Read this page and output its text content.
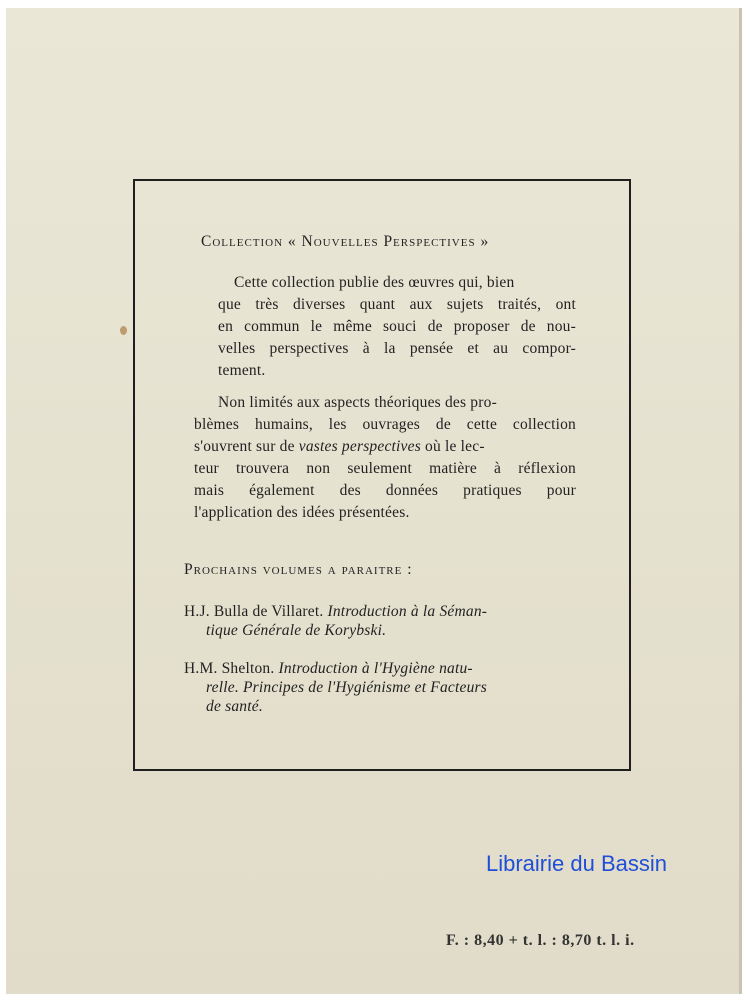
Collection « Nouvelles Perspectives »
Cette collection publie des œuvres qui, bien
que très diverses quant aux sujets traités, ont
en commun le même souci de proposer de nou-
velles perspectives à la pensée et au compor-
tement.
Non limités aux aspects théoriques des pro-
blèmes humains, les ouvrages de cette collection
s'ouvrent sur de vastes perspectives où le lec-
teur trouvera non seulement matière à réflexion
mais également des données pratiques pour
l'application des idées présentées.
Prochains volumes a paraitre :
H.J. Bulla de Villaret. Introduction à la Séman-
tique Générale de Korybski.
H.M. Shelton. Introduction à l'Hygiène natu-
relle. Principes de l'Hygiénisme et Facteurs
de santé.
Librairie du Bassin
F. : 8,40 + t. l. : 8,70 t. l. i.
